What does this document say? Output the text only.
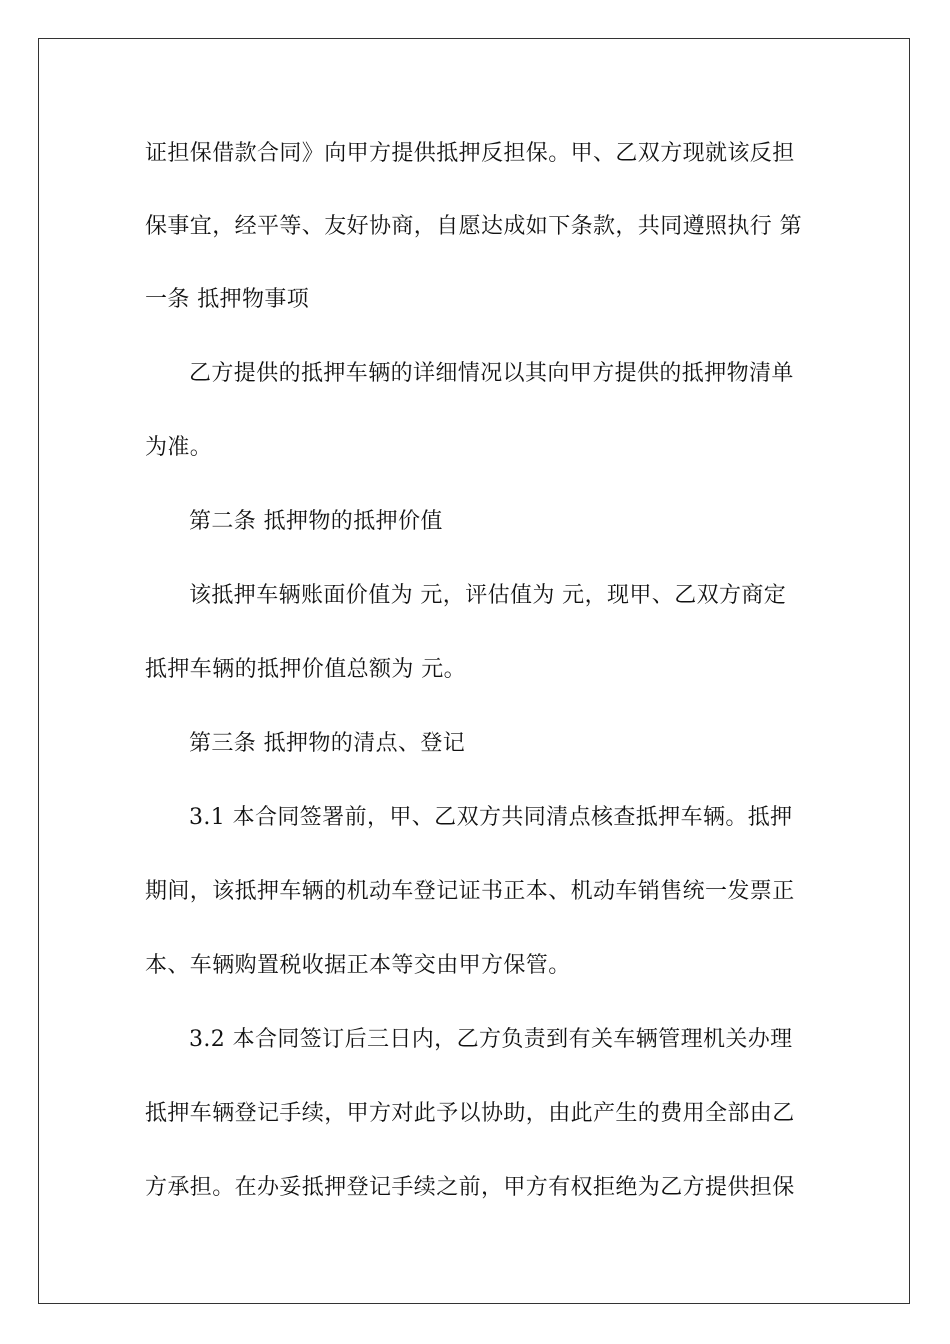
证担保借款合同》向甲方提供抵押反担保。甲、乙双方现就该反担
保事宜，经平等、友好协商，自愿达成如下条款，共同遵照执行 第
一条 抵押物事项
乙方提供的抵押车辆的详细情况以其向甲方提供的抵押物清单
为准。
第二条 抵押物的抵押价值
该抵押车辆账面价值为 元，评估值为 元，现甲、乙双方商定
抵押车辆的抵押价值总额为 元。
第三条 抵押物的清点、登记
3.1 本合同签署前，甲、乙双方共同清点核查抵押车辆。抵押
期间，该抵押车辆的机动车登记证书正本、机动车销售统一发票正
本、车辆购置税收据正本等交由甲方保管。
3.2 本合同签订后三日内，乙方负责到有关车辆管理机关办理
抵押车辆登记手续，甲方对此予以协助，由此产生的费用全部由乙
方承担。在办妥抵押登记手续之前，甲方有权拒绝为乙方提供担保
